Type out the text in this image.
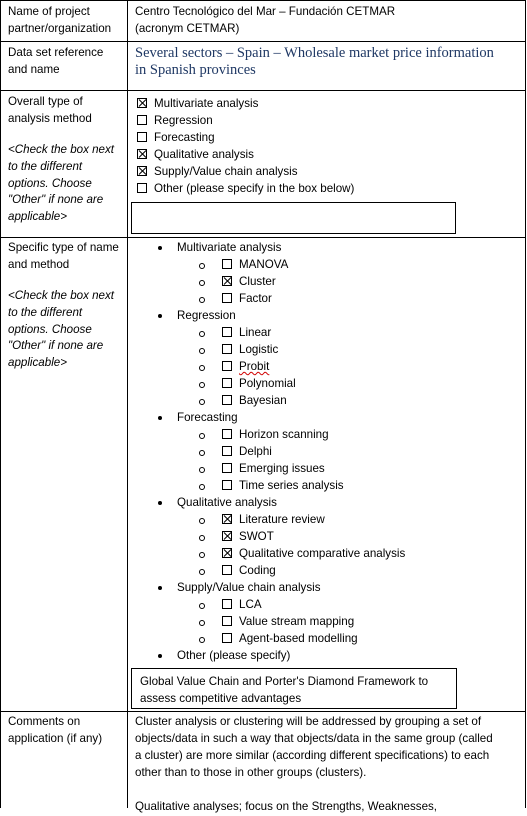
Name of project partner/organization
Centro Tecnológico del Mar – Fundación CETMAR
(acronym CETMAR)
Data set reference and name
Several sectors – Spain – Wholesale market price information
in Spanish provinces
Overall type of analysis method
<Check the box next to the different options. Choose "Other" if none are applicable>
Multivariate analysis
Regression
Forecasting
Qualitative analysis
Supply/Value chain analysis
Other (please specify in the box below)
Specific type of name and method
<Check the box next to the different options. Choose "Other" if none are applicable>
Multivariate analysis
MANOVA
Cluster
Factor
Regression
Linear
Logistic
Probit
Polynomial
Bayesian
Forecasting
Horizon scanning
Delphi
Emerging issues
Time series analysis
Qualitative analysis
Literature review
SWOT
Qualitative comparative analysis
Coding
Supply/Value chain analysis
LCA
Value stream mapping
Agent-based modelling
Other (please specify)
Global Value Chain and Porter's Diamond Framework to
assess competitive advantages
Comments on application (if any)
Cluster analysis or clustering will be addressed by grouping a set of
objects/data in such a way that objects/data in the same group (called
a cluster) are more similar (according different specifications) to each
other than to those in other groups (clusters).
Qualitative analyses; focus on the Strengths, Weaknesses,
